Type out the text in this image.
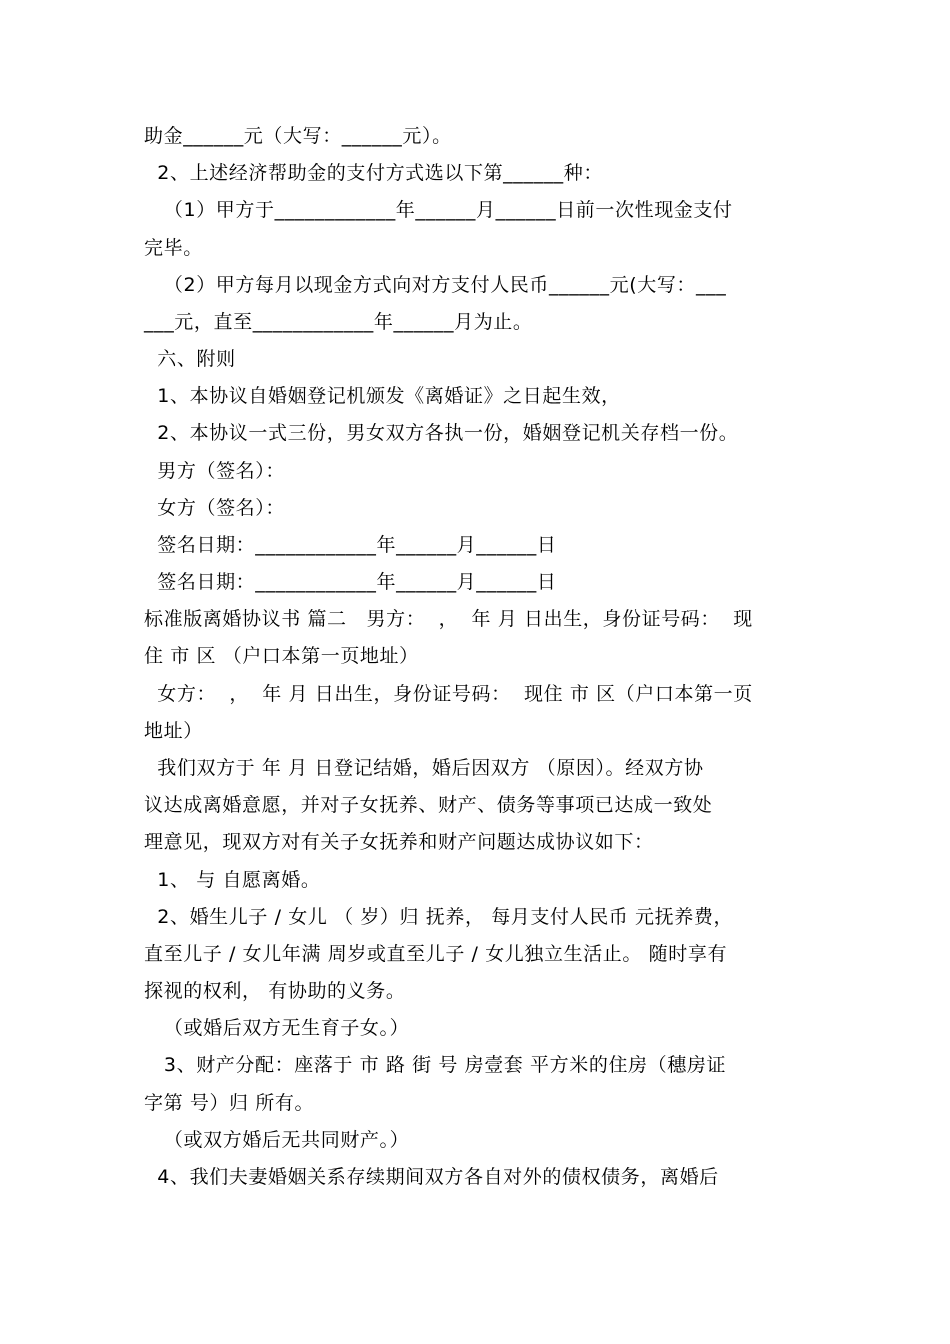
助金______元（大写：______元）。
2、上述经济帮助金的支付方式选以下第______种：
（1）甲方于____________年______月______日前一次性现金支付
完毕。
（2）甲方每月以现金方式向对方支付人民币______元(大写：___
___元，直至____________年______月为止。
六、附则
1、本协议自婚姻登记机颁发《离婚证》之日起生效，
2、本协议一式三份，男女双方各执一份，婚姻登记机关存档一份。
男方（签名）：
女方（签名）：
签名日期：____________年______月______日
签名日期：____________年______月______日
标准版离婚协议书 篇二   男方：  ，  年 月 日出生，身份证号码：  现
住 市 区 （户口本第一页地址）
女方：  ，  年 月 日出生，身份证号码：  现住 市 区（户口本第一页
地址）
我们双方于 年 月 日登记结婚，婚后因双方 （原因）。经双方协
议达成离婚意愿，并对子女抚养、财产、债务等事项已达成一致处
理意见，现双方对有关子女抚养和财产问题达成协议如下：
1、 与 自愿离婚。
2、婚生儿子 / 女儿 （ 岁）归 抚养， 每月支付人民币 元抚养费，
直至儿子 / 女儿年满 周岁或直至儿子 / 女儿独立生活止。 随时享有
探视的权利， 有协助的义务。
（或婚后双方无生育子女。）
3、财产分配：座落于 市 路 街 号 房壹套 平方米的住房（穗房证
字第 号）归 所有。
（或双方婚后无共同财产。）
4、我们夫妻婚姻关系存续期间双方各自对外的债权债务，离婚后
